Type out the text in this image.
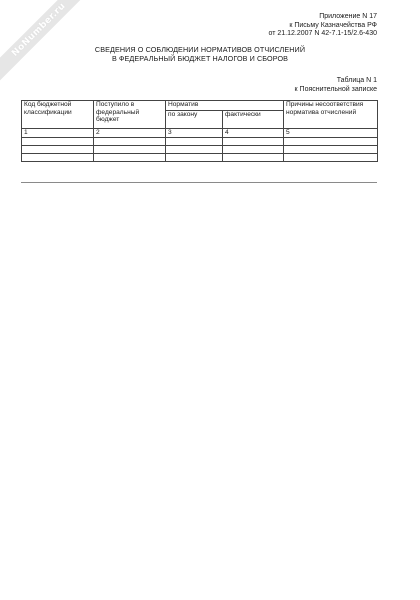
NoNumber.ru	Приложение N 17
к Письму Казначейства РФ
от 21.12.2007 N 42-7.1-15/2.6-430
СВЕДЕНИЯ О СОБЛЮДЕНИИ НОРМАТИВОВ ОТЧИСЛЕНИЙ
В ФЕДЕРАЛЬНЫЙ БЮДЖЕТ НАЛОГОВ И СБОРОВ
Таблица N 1
к Пояснительной записке
Код бюджетной классификации	Поступило в федеральный бюджет	Норматив		Причины несоответствия норматива отчислений
		по закону	фактически	
1	2	3	4	5
